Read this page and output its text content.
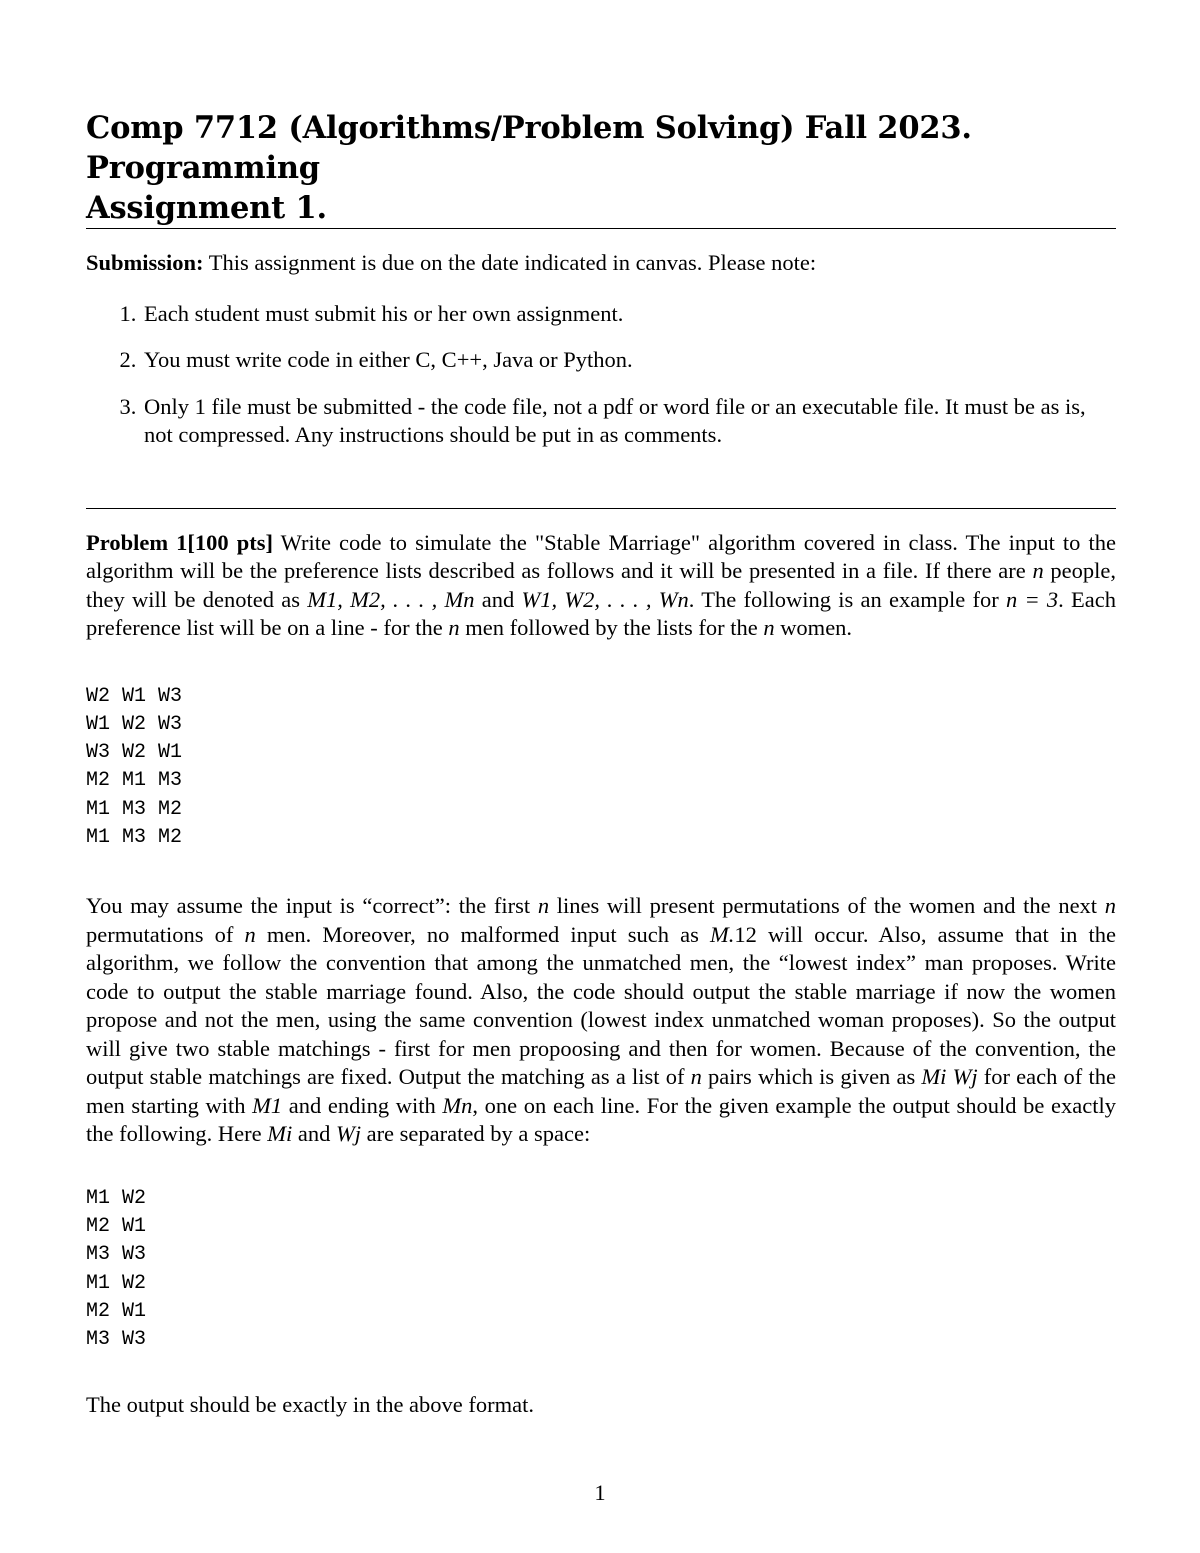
Comp 7712 (Algorithms/Problem Solving) Fall 2023. Programming
Assignment 1.
Submission: This assignment is due on the date indicated in canvas. Please note:
1. Each student must submit his or her own assignment.
2. You must write code in either C, C++, Java or Python.
3. Only 1 file must be submitted - the code file, not a pdf or word file or an executable file. It must be as is, not compressed. Any instructions should be put in as comments.
Problem 1[100 pts] Write code to simulate the "Stable Marriage" algorithm covered in class. The input to the algorithm will be the preference lists described as follows and it will be presented in a file. If there are n people, they will be denoted as M1, M2, . . . , Mn and W1, W2, . . . , Wn. The following is an example for n = 3. Each preference list will be on a line - for the n men followed by the lists for the n women.
W2 W1 W3
W1 W2 W3
W3 W2 W1
M2 M1 M3
M1 M3 M2
M1 M3 M2
You may assume the input is “correct”: the first n lines will present permutations of the women and the next n permutations of n men. Moreover, no malformed input such as M.12 will occur. Also, assume that in the algorithm, we follow the convention that among the unmatched men, the “lowest index” man proposes. Write code to output the stable marriage found. Also, the code should output the stable marriage if now the women propose and not the men, using the same convention (lowest index unmatched woman proposes). So the output will give two stable matchings - first for men propoosing and then for women. Because of the convention, the output stable matchings are fixed. Output the matching as a list of n pairs which is given as Mi Wj for each of the men starting with M1 and ending with Mn, one on each line. For the given example the output should be exactly the following. Here Mi and Wj are separated by a space:
M1 W2
M2 W1
M3 W3
M1 W2
M2 W1
M3 W3
The output should be exactly in the above format.
1
